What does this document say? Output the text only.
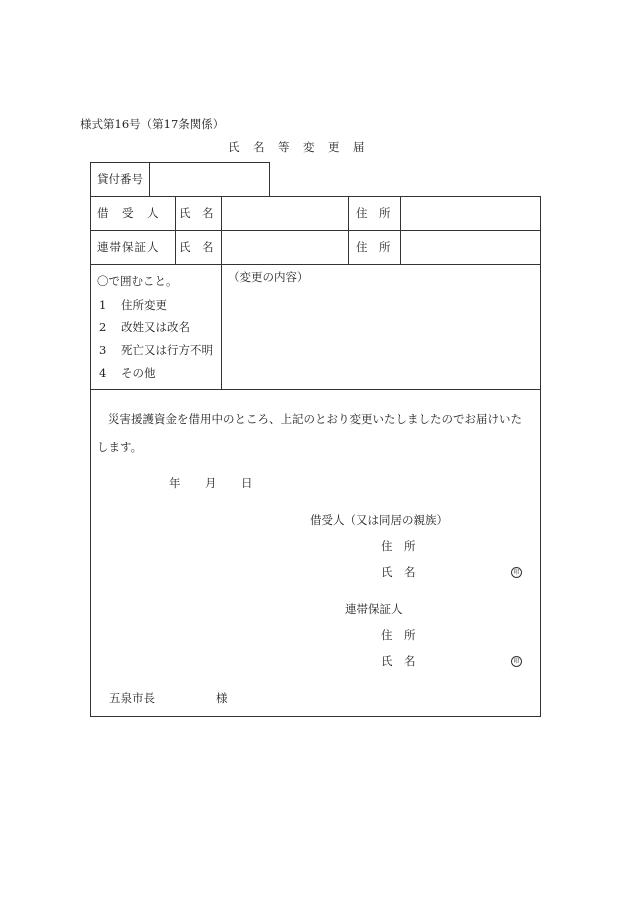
様式第16号（第17条関係）
氏　名　等　変　更　届
貸付番号
借　受　人 氏　名	住　所
連帯保証人 氏　名	住　所
〇で囲むこと。
1 住所変更
2 改姓又は改名
3 死亡又は行方不明
4 その他
（変更の内容）
災害援護資金を借用中のところ、上記のとおり変更いたしましたのでお届けいた
します。
年 月 日
借受人（又は同居の親族）
住　所
氏　名	印
連帯保証人
住　所
氏　名	印
五泉市長	様
